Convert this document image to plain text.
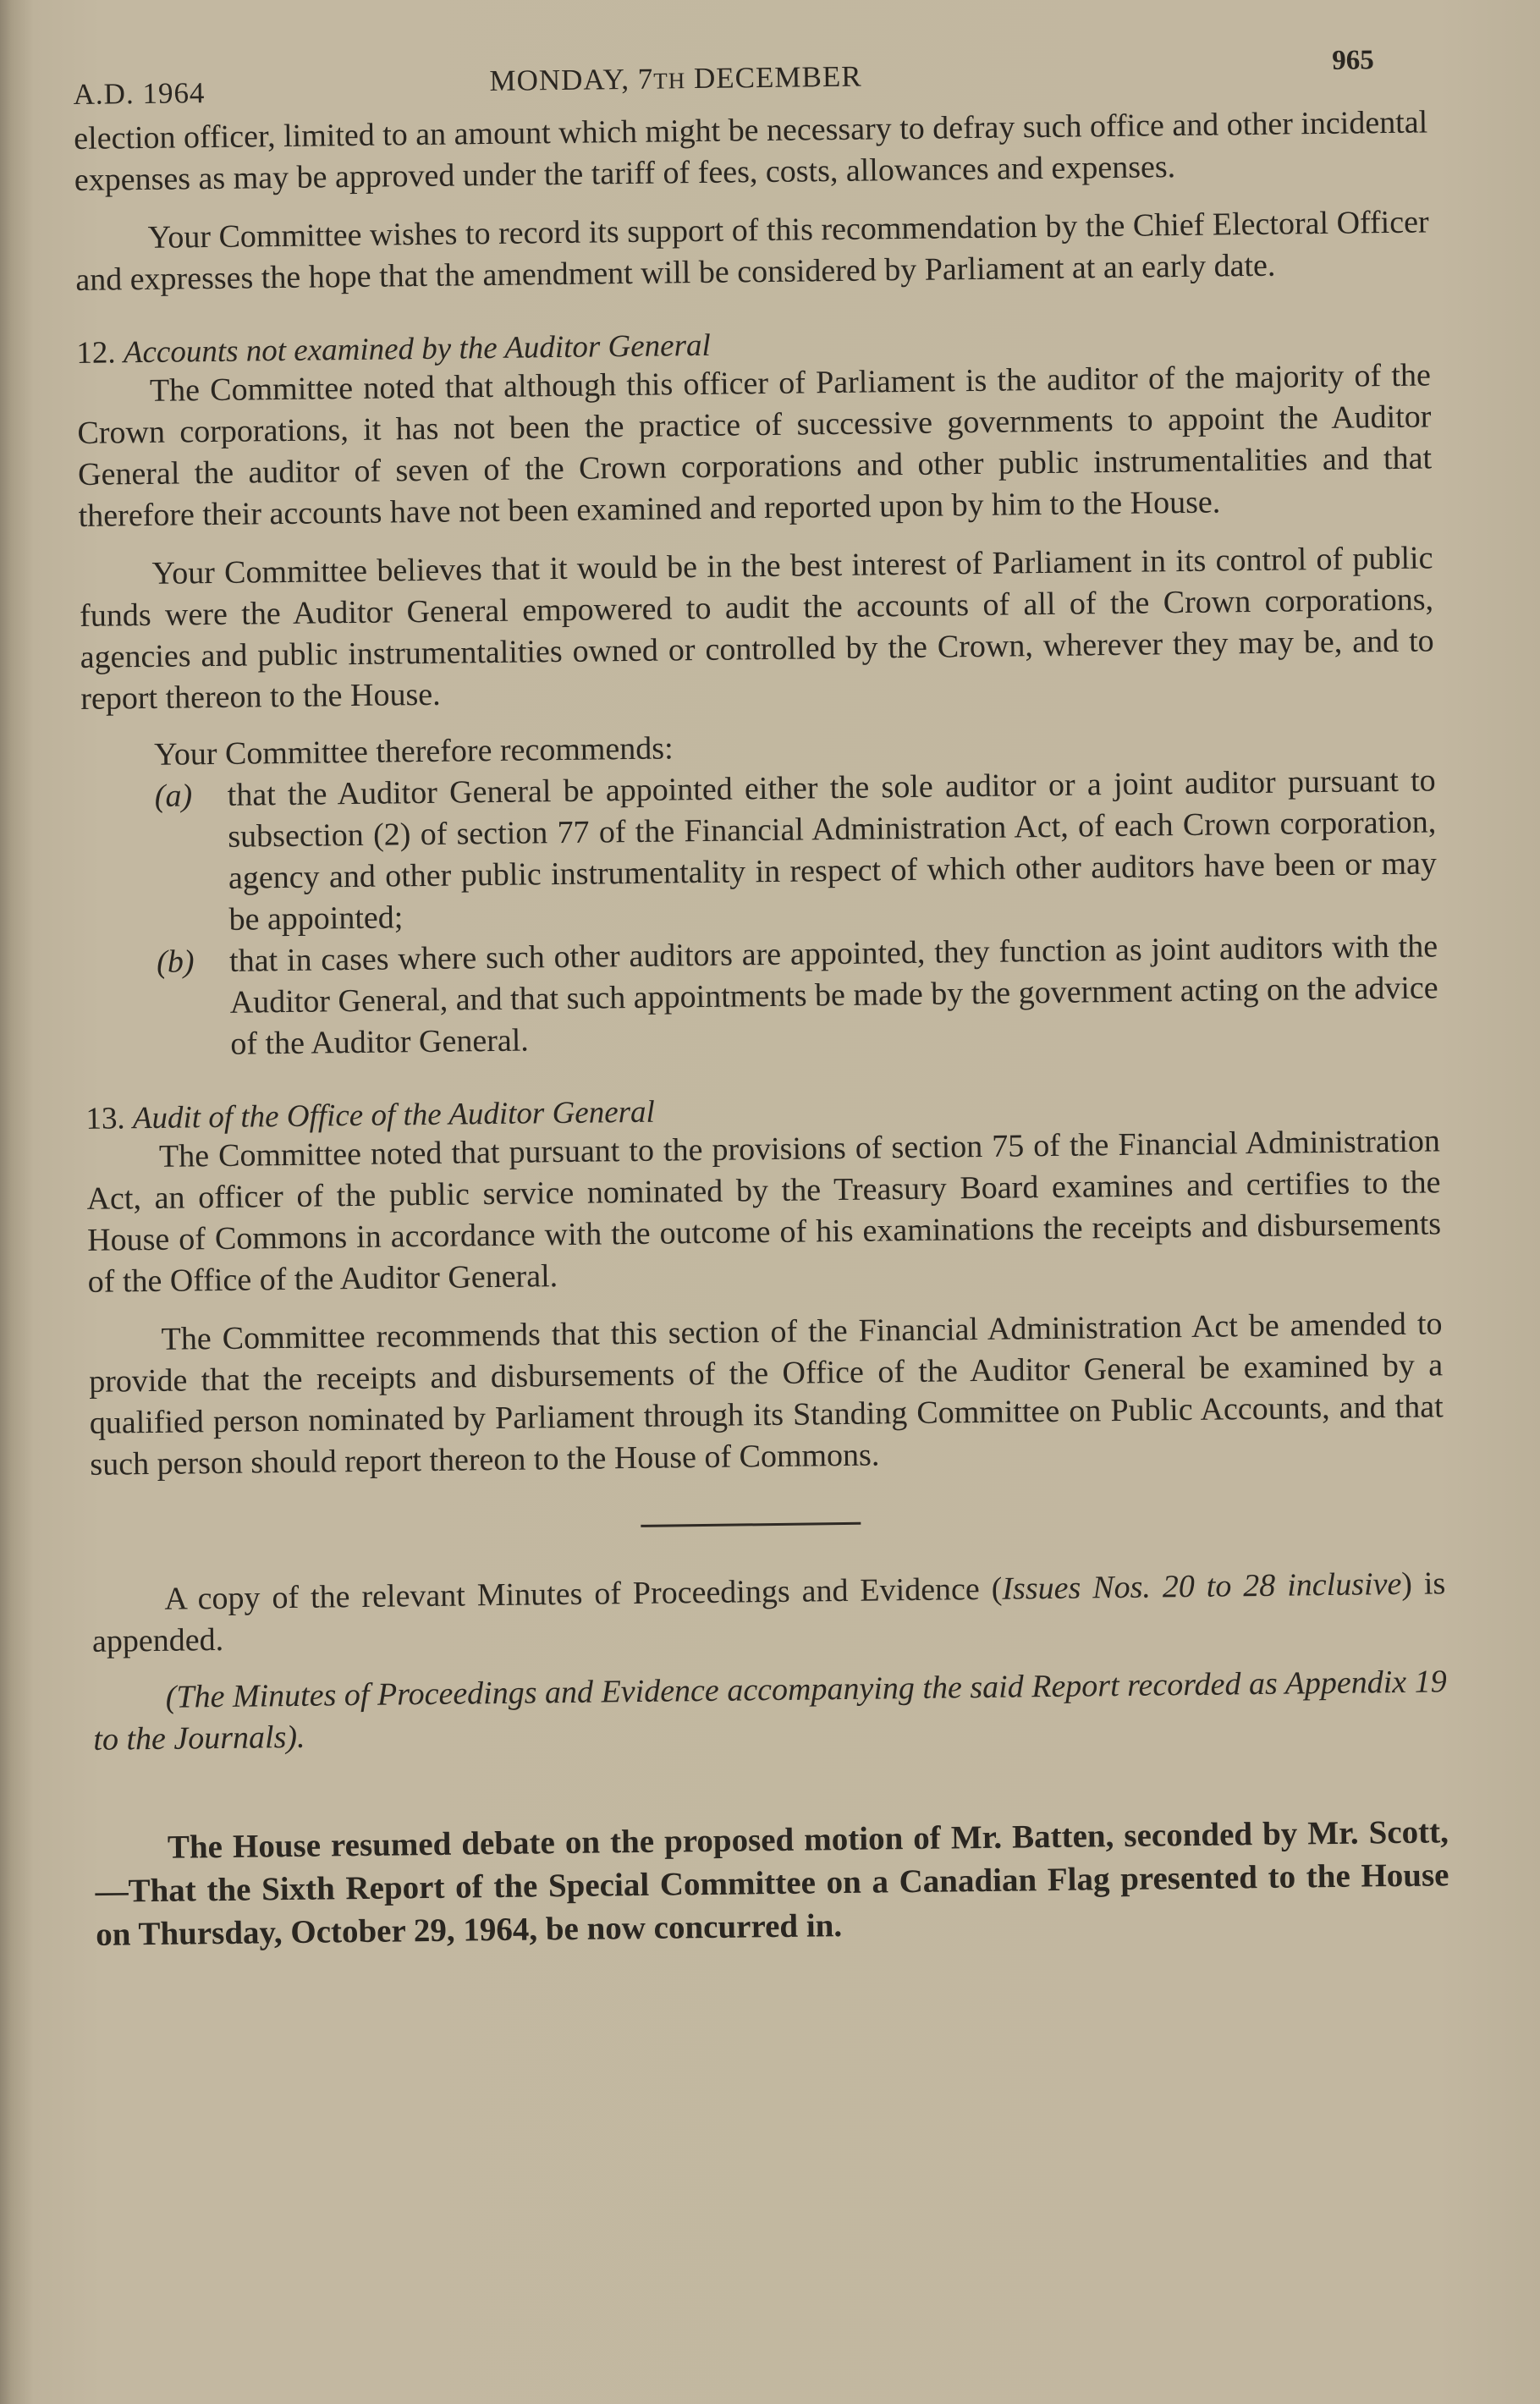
A.D. 1964	MONDAY, 7TH DECEMBER	965

election officer, limited to an amount which might be necessary to defray such office and other incidental expenses as may be approved under the tariff of fees, costs, allowances and expenses.

Your Committee wishes to record its support of this recommendation by the Chief Electoral Officer and expresses the hope that the amendment will be considered by Parliament at an early date.

12. Accounts not examined by the Auditor General

The Committee noted that although this officer of Parliament is the auditor of the majority of the Crown corporations, it has not been the practice of successive governments to appoint the Auditor General the auditor of seven of the Crown corporations and other public instrumentalities and that therefore their accounts have not been examined and reported upon by him to the House.

Your Committee believes that it would be in the best interest of Parliament in its control of public funds were the Auditor General empowered to audit the accounts of all of the Crown corporations, agencies and public instrumentalities owned or controlled by the Crown, wherever they may be, and to report thereon to the House.

Your Committee therefore recommends:

(a)	that the Auditor General be appointed either the sole auditor or a joint auditor pursuant to subsection (2) of section 77 of the Financial Administration Act, of each Crown corporation, agency and other public instrumentality in respect of which other auditors have been or may be appointed;
(b)	that in cases where such other auditors are appointed, they function as joint auditors with the Auditor General, and that such appointments be made by the government acting on the advice of the Auditor General.
13. Audit of the Office of the Auditor General

The Committee noted that pursuant to the provisions of section 75 of the Financial Administration Act, an officer of the public service nominated by the Treasury Board examines and certifies to the House of Commons in accordance with the outcome of his examinations the receipts and disbursements of the Office of the Auditor General.

The Committee recommends that this section of the Financial Administration Act be amended to provide that the receipts and disbursements of the Office of the Auditor General be examined by a qualified person nominated by Parliament through its Standing Committee on Public Accounts, and that such person should report thereon to the House of Commons.

A copy of the relevant Minutes of Proceedings and Evidence (Issues Nos. 20 to 28 inclusive) is appended.

(The Minutes of Proceedings and Evidence accompanying the said Report recorded as Appendix 19 to the Journals).

The House resumed debate on the proposed motion of Mr. Batten, seconded by Mr. Scott,—That the Sixth Report of the Special Committee on a Canadian Flag presented to the House on Thursday, October 29, 1964, be now concurred in.
